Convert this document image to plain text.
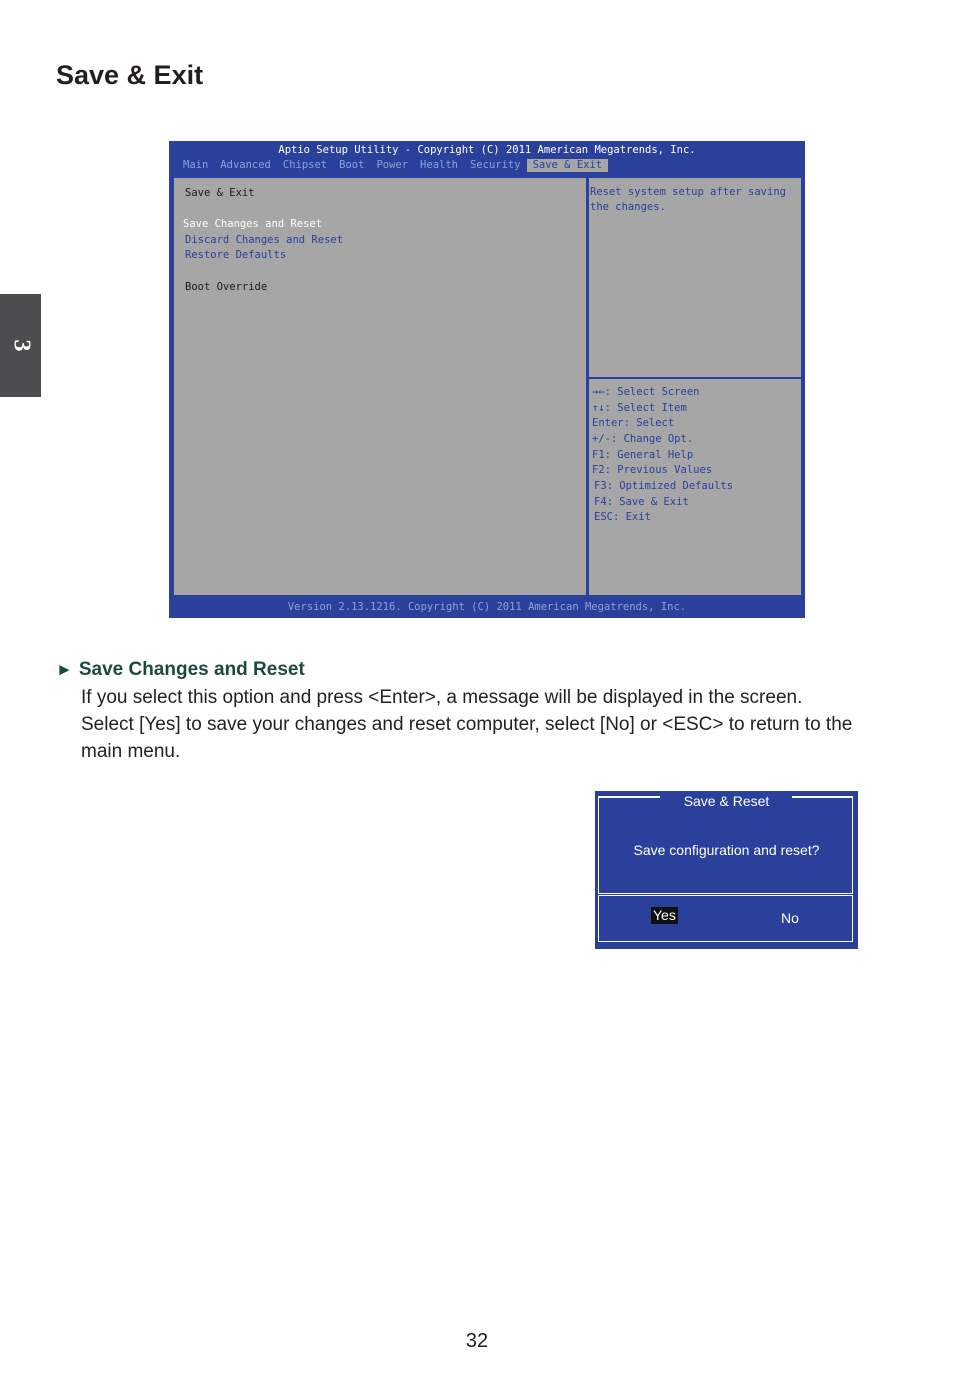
Save & Exit
3
Aptio Setup Utility - Copyright (C) 2011 American Megatrends, Inc.
Main	Advanced	Chipset	Boot	Power	Health	Security	Save & Exit
Save & Exit
Save Changes and Reset
Discard Changes and Reset
Restore Defaults
Boot Override
Reset system setup after saving
the changes.
→←: Select Screen
↑↓: Select Item
Enter: Select
+/-: Change Opt.
F1: General Help
F2: Previous Values
F3: Optimized Defaults
F4: Save & Exit
ESC: Exit
Version 2.13.1216. Copyright (C) 2011 American Megatrends, Inc.
► Save Changes and Reset
If you select this option and press <Enter>, a message will be displayed in the screen.
Select [Yes] to save your changes and reset computer, select [No] or <ESC> to return to the
main menu.
Save & Reset
Save configuration and reset?
Yes	No
32
